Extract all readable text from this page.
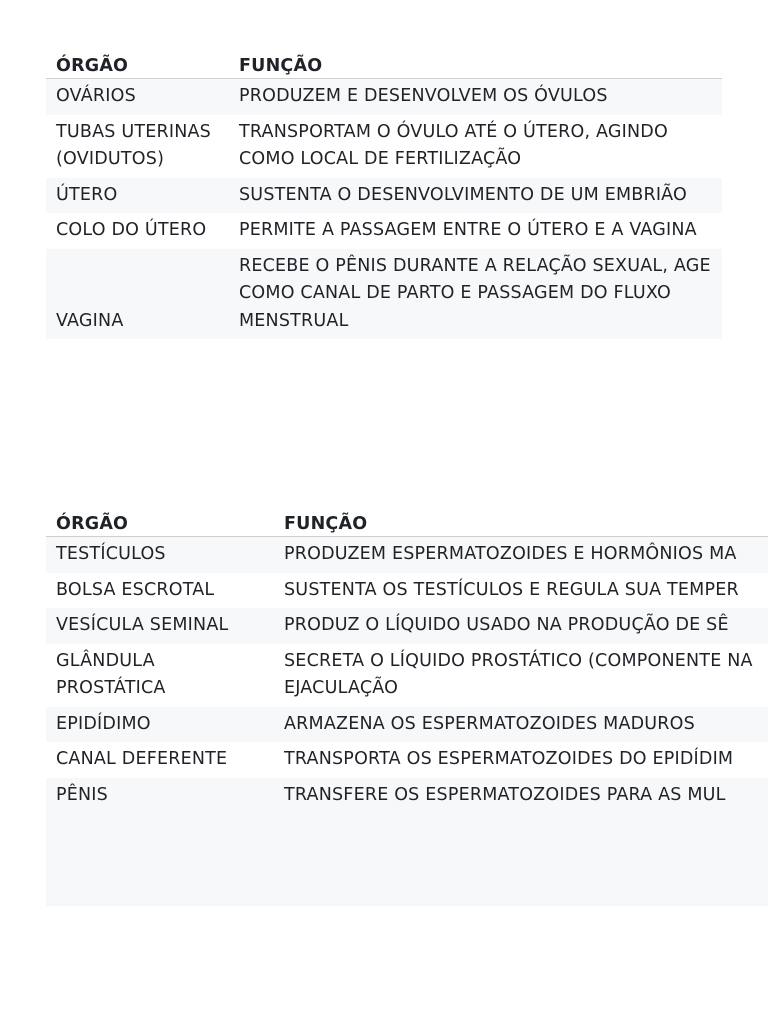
ÓRGÃO	FUNÇÃO
OVÁRIOS	PRODUZEM E DESENVOLVEM OS ÓVULOS
TUBAS UTERINAS (OVIDUTOS)	TRANSPORTAM O ÓVULO ATÉ O ÚTERO, AGINDO COMO LOCAL DE FERTILIZAÇÃO
ÚTERO	SUSTENTA O DESENVOLVIMENTO DE UM EMBRIÃO
COLO DO ÚTERO	PERMITE A PASSAGEM ENTRE O ÚTERO E A VAGINA
VAGINA	RECEBE O PÊNIS DURANTE A RELAÇÃO SEXUAL, AGE COMO CANAL DE PARTO E PASSAGEM DO FLUXO MENSTRUAL
ÓRGÃO	FUNÇÃO
TESTÍCULOS	PRODUZEM ESPERMATOZOIDES E HORMÔNIOS MA
BOLSA ESCROTAL	SUSTENTA OS TESTÍCULOS E REGULA SUA TEMPER
VESÍCULA SEMINAL	PRODUZ O LÍQUIDO USADO NA PRODUÇÃO DE SÊ
GLÂNDULA PROSTÁTICA	SECRETA O LÍQUIDO PROSTÁTICO (COMPONENTE NA EJACULAÇÃO
EPIDÍDIMO	ARMAZENA OS ESPERMATOZOIDES MADUROS
CANAL DEFERENTE	TRANSPORTA OS ESPERMATOZOIDES DO EPIDÍDIM
PÊNIS	TRANSFERE OS ESPERMATOZOIDES PARA AS MUL
